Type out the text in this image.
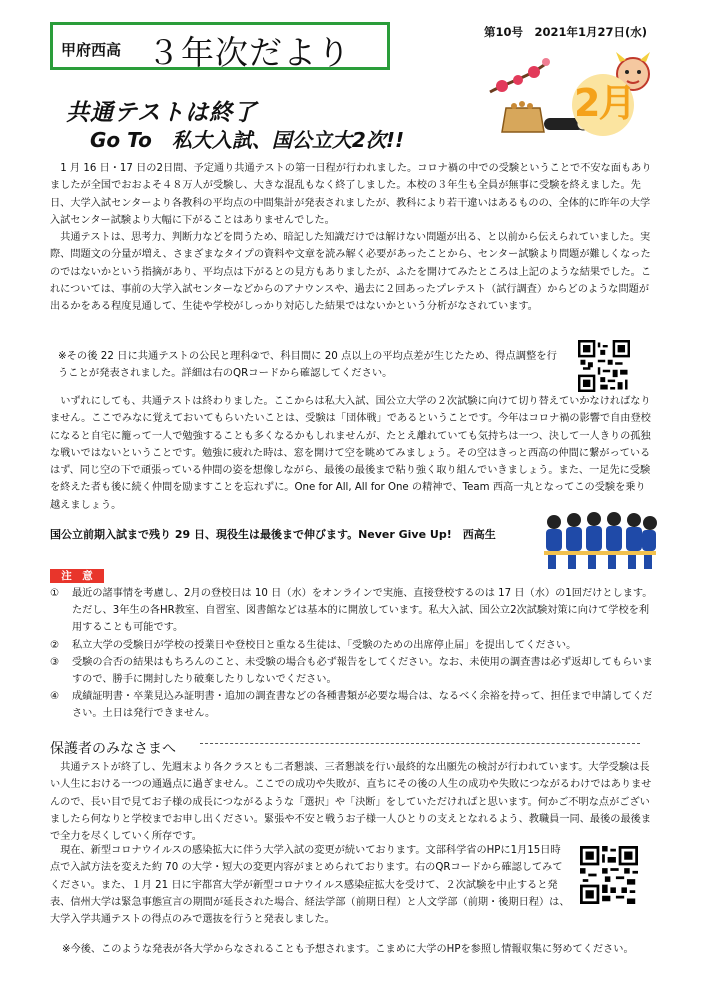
甲府西高 ３年次だより
第10号　2021年1月27日(水)
2月
共通テストは終了
Go To　私大入試、国公立大2次!!

1 月 16 日・17 日の2日間、予定通り共通テストの第一日程が行われました。コロナ禍の中での受験ということで不安な面もありましたが全国でおおよそ４８万人が受験し、大きな混乱もなく終了しました。本校の３年生も全員が無事に受験を終えました。先日、大学入試センターより各教科の平均点の中間集計が発表されましたが、教科により若干違いはあるものの、全体的に昨年の大学入試センター試験より大幅に下がることはありませんでした。

共通テストは、思考力、判断力などを問うため、暗記した知識だけでは解けない問題が出る、と以前から伝えられていました。実際、問題文の分量が増え、さまざまなタイプの資料や文章を読み解く必要があったことから、センター試験より問題が難しくなったのではないかという指摘があり、平均点は下がるとの見方もありましたが、ふたを開けてみたところは上記のような結果でした。これについては、事前の大学入試センターなどからのアナウンスや、過去に２回あったプレテスト（試行調査）からどのような問題が出るかをある程度見通して、生徒や学校がしっかり対応した結果ではないかという分析がなされています。

※その後 22 日に共通テストの公民と理科②で、科目間に 20 点以上の平均点差が生じたため、得点調整を行うことが発表されました。詳細は右のQRコードから確認してください。

いずれにしても、共通テストは終わりました。ここからは私大入試、国公立大学の２次試験に向けて切り替えていかなければなりません。ここでみなに覚えておいてもらいたいことは、受験は「団体戦」であるということです。今年はコロナ禍の影響で自由登校になると自宅に籠って一人で勉強することも多くなるかもしれませんが、たとえ離れていても気持ちは一つ、決して一人きりの孤独な戦いではないということです。勉強に疲れた時は、窓を開けて空を眺めてみましょう。その空はきっと西高の仲間に繋がっているはず、同じ空の下で頑張っている仲間の姿を想像しながら、最後の最後まで粘り強く取り組んでいきましょう。また、一足先に受験を終えた者も後に続く仲間を励ますことを忘れずに。One for All, All for One の精神で、Team 西高一丸となってこの受験を乗り越えましょう。

国公立前期入試まで残り 29 日、現役生は最後まで伸びます。Never Give Up!　西高生
注　意
① 最近の諸事情を考慮し、2月の登校日は 10 日（水）をオンラインで実施、直接登校するのは 17 日（水）の1回だけとします。ただし、3年生の各HR教室、自習室、図書館などは基本的に開放しています。私大入試、国公立2次試験対策に向けて学校を利用することも可能です。
② 私立大学の受験日が学校の授業日や登校日と重なる生徒は、「受験のための出席停止届」を提出してください。
③ 受験の合否の結果はもちろんのこと、未受験の場合も必ず報告をしてください。なお、未使用の調査書は必ず返却してもらいますので、勝手に開封したり破棄したりしないでください。
④ 成績証明書・卒業見込み証明書・追加の調査書などの各種書類が必要な場合は、なるべく余裕を持って、担任まで申請してください。土日は発行できません。
保護者のみなさまへ

共通テストが終了し、先週末より各クラスとも二者懇談、三者懇談を行い最終的な出願先の検討が行われています。大学受験は長い人生における一つの通過点に過ぎません。ここでの成功や失敗が、直ちにその後の人生の成功や失敗につながるわけではありませんので、長い目で見てお子様の成長につながるような「選択」や「決断」をしていただければと思います。何かご不明な点がございましたら何なりと学校までお申し出ください。緊張や不安と戦うお子様一人ひとりの支えとなれるよう、教職員一同、最後の最後まで全力を尽くしていく所存です。

現在、新型コロナウイルスの感染拡大に伴う大学入試の変更が続いております。文部科学省のHPに1月15日時点で入試方法を変えた約 70 の大学・短大の変更内容がまとめられております。右のQRコードから確認してみてください。また、１月 21 日に宇都宮大学が新型コロナウイルス感染症拡大を受けて、２次試験を中止すると発表、信州大学は緊急事態宣言の期間が延長された場合、経法学部（前期日程）と人文学部（前期・後期日程）は、大学入学共通テストの得点のみで選抜を行うと発表しました。

※今後、このような発表が各大学からなされることも予想されます。こまめに大学のHPを参照し情報収集に努めてください。
